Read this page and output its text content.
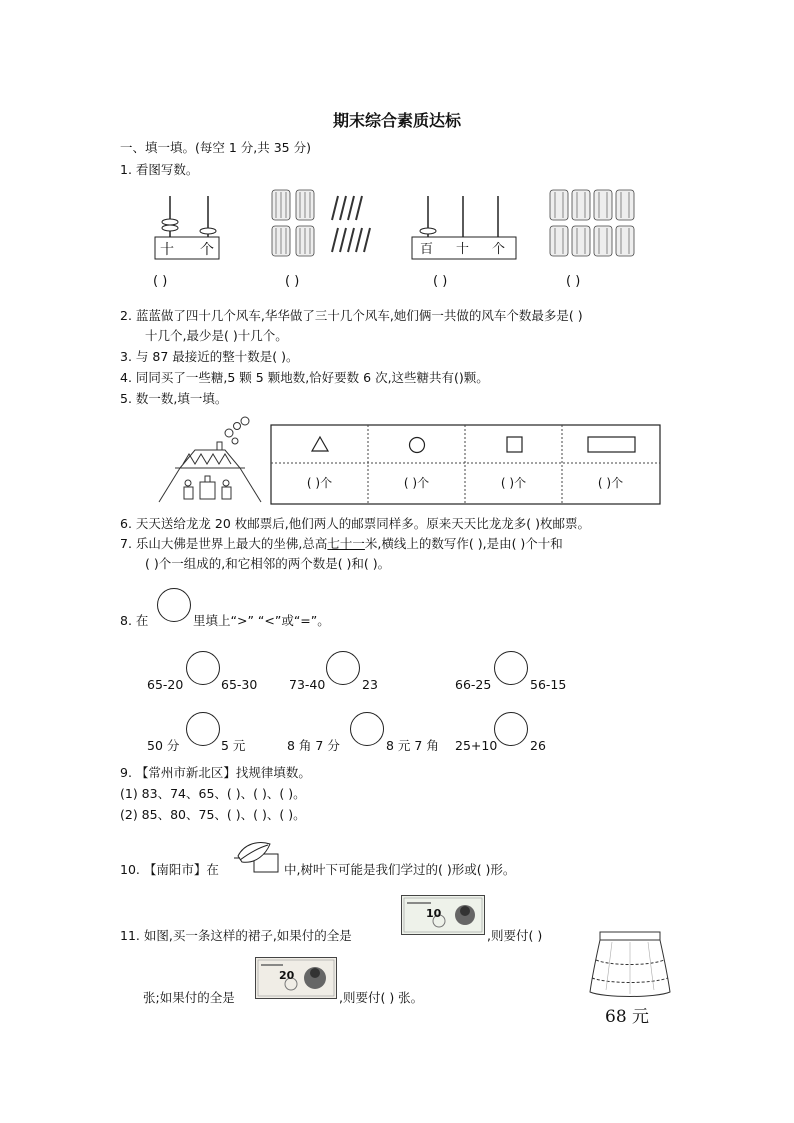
期末综合素质达标
一、填一填。(每空 1 分,共 35 分)
1. 看图写数。
十 个	百 十 个
( )	( )	( )	( )
2. 蓝蓝做了四十几个风车,华华做了三十几个风车,她们俩一共做的风车个数最多是( )
十几个,最少是( )十几个。
3. 与 87 最接近的整十数是( )。
4. 同同买了一些糖,5 颗 5 颗地数,恰好要数 6 次,这些糖共有()颗。
5. 数一数,填一填。
( )个	( )个	( )个	( )个
6. 天天送给龙龙 20 枚邮票后,他们两人的邮票同样多。原来天天比龙龙多( )枚邮票。
7. 乐山大佛是世界上最大的坐佛,总高七十一米,横线上的数写作( ),是由( )个十和
( )个一组成的,和它相邻的两个数是( )和( )。
8. 在	里填上“>” “<”或“=”。
65-20	65-30	73-40	23	66-25	56-15
50 分	5 元	8 角 7 分	8 元 7 角 25+10	26
9. 【常州市新北区】找规律填数。
(1) 83、74、65、( )、( )、( )。
(2) 85、80、75、( )、( )、( )。
10. 【南阳市】在	中,树叶下可能是我们学过的( )形或( )形。
11. 如图,买一条这样的裙子,如果付的全是
10
,则要付( )
张;如果付的全是
20
,则要付( ) 张。
68 元
